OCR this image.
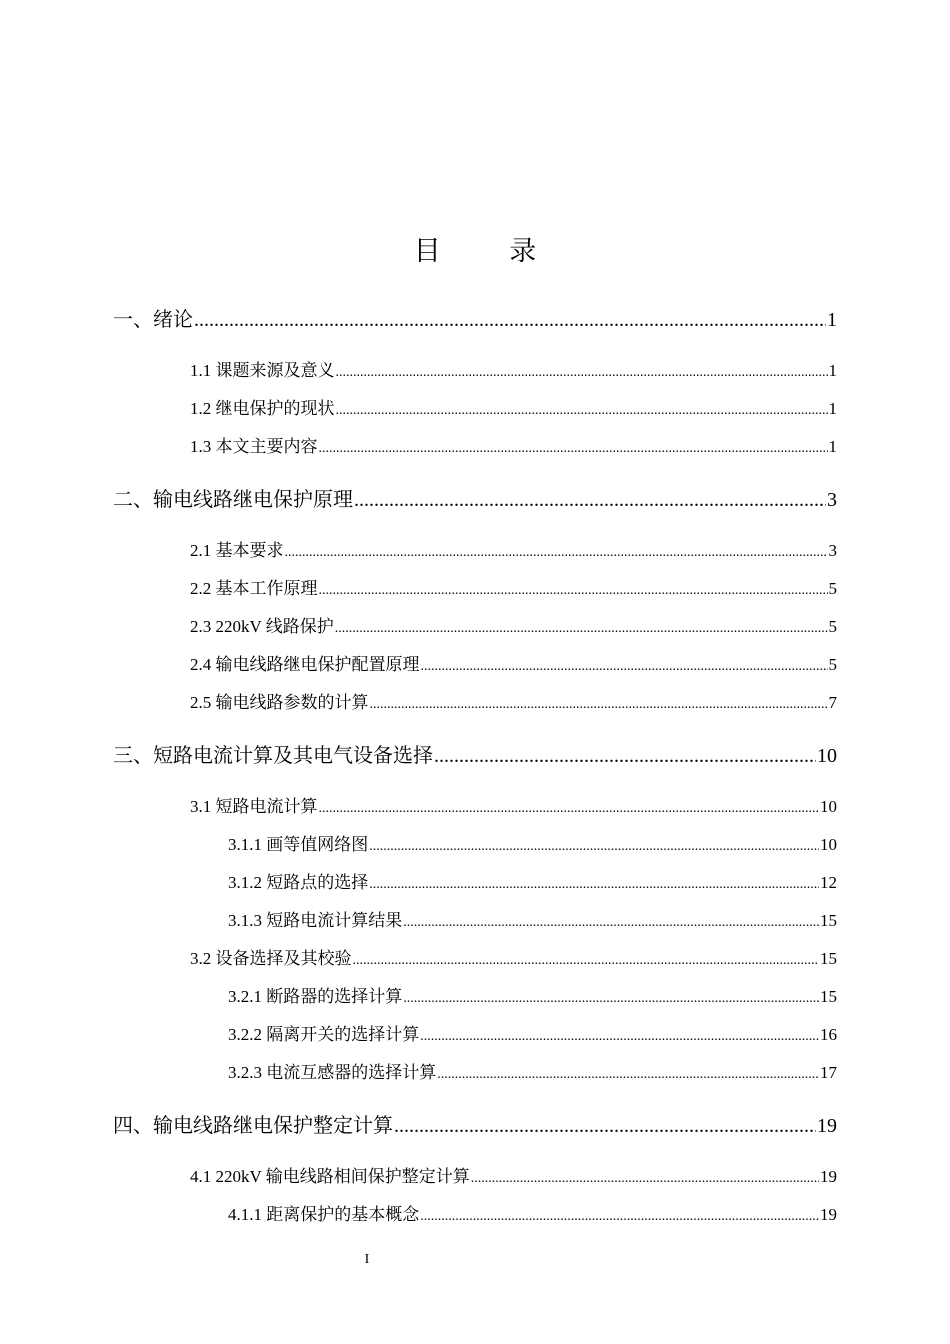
目 录
一、绪论 .....	1
1.1 课题来源及意义 .....	1
1.2 继电保护的现状 .....	1
1.3 本文主要内容 .....	1
二、输电线路继电保护原理 .....	3
2.1 基本要求 .....	3
2.2 基本工作原理 .....	5
2.3 220kV 线路保护 .....	5
2.4 输电线路继电保护配置原理 .....	5
2.5 输电线路参数的计算 .....	7
三、短路电流计算及其电气设备选择 .....	10
3.1 短路电流计算 .....	10
3.1.1 画等值网络图 .....	10
3.1.2 短路点的选择 .....	12
3.1.3 短路电流计算结果 .....	15
3.2 设备选择及其校验 .....	15
3.2.1 断路器的选择计算 .....	15
3.2.2 隔离开关的选择计算 .....	16
3.2.3 电流互感器的选择计算 .....	17
四、输电线路继电保护整定计算 .....	19
4.1 220kV 输电线路相间保护整定计算 .....	19
4.1.1 距离保护的基本概念 .....	19
I
